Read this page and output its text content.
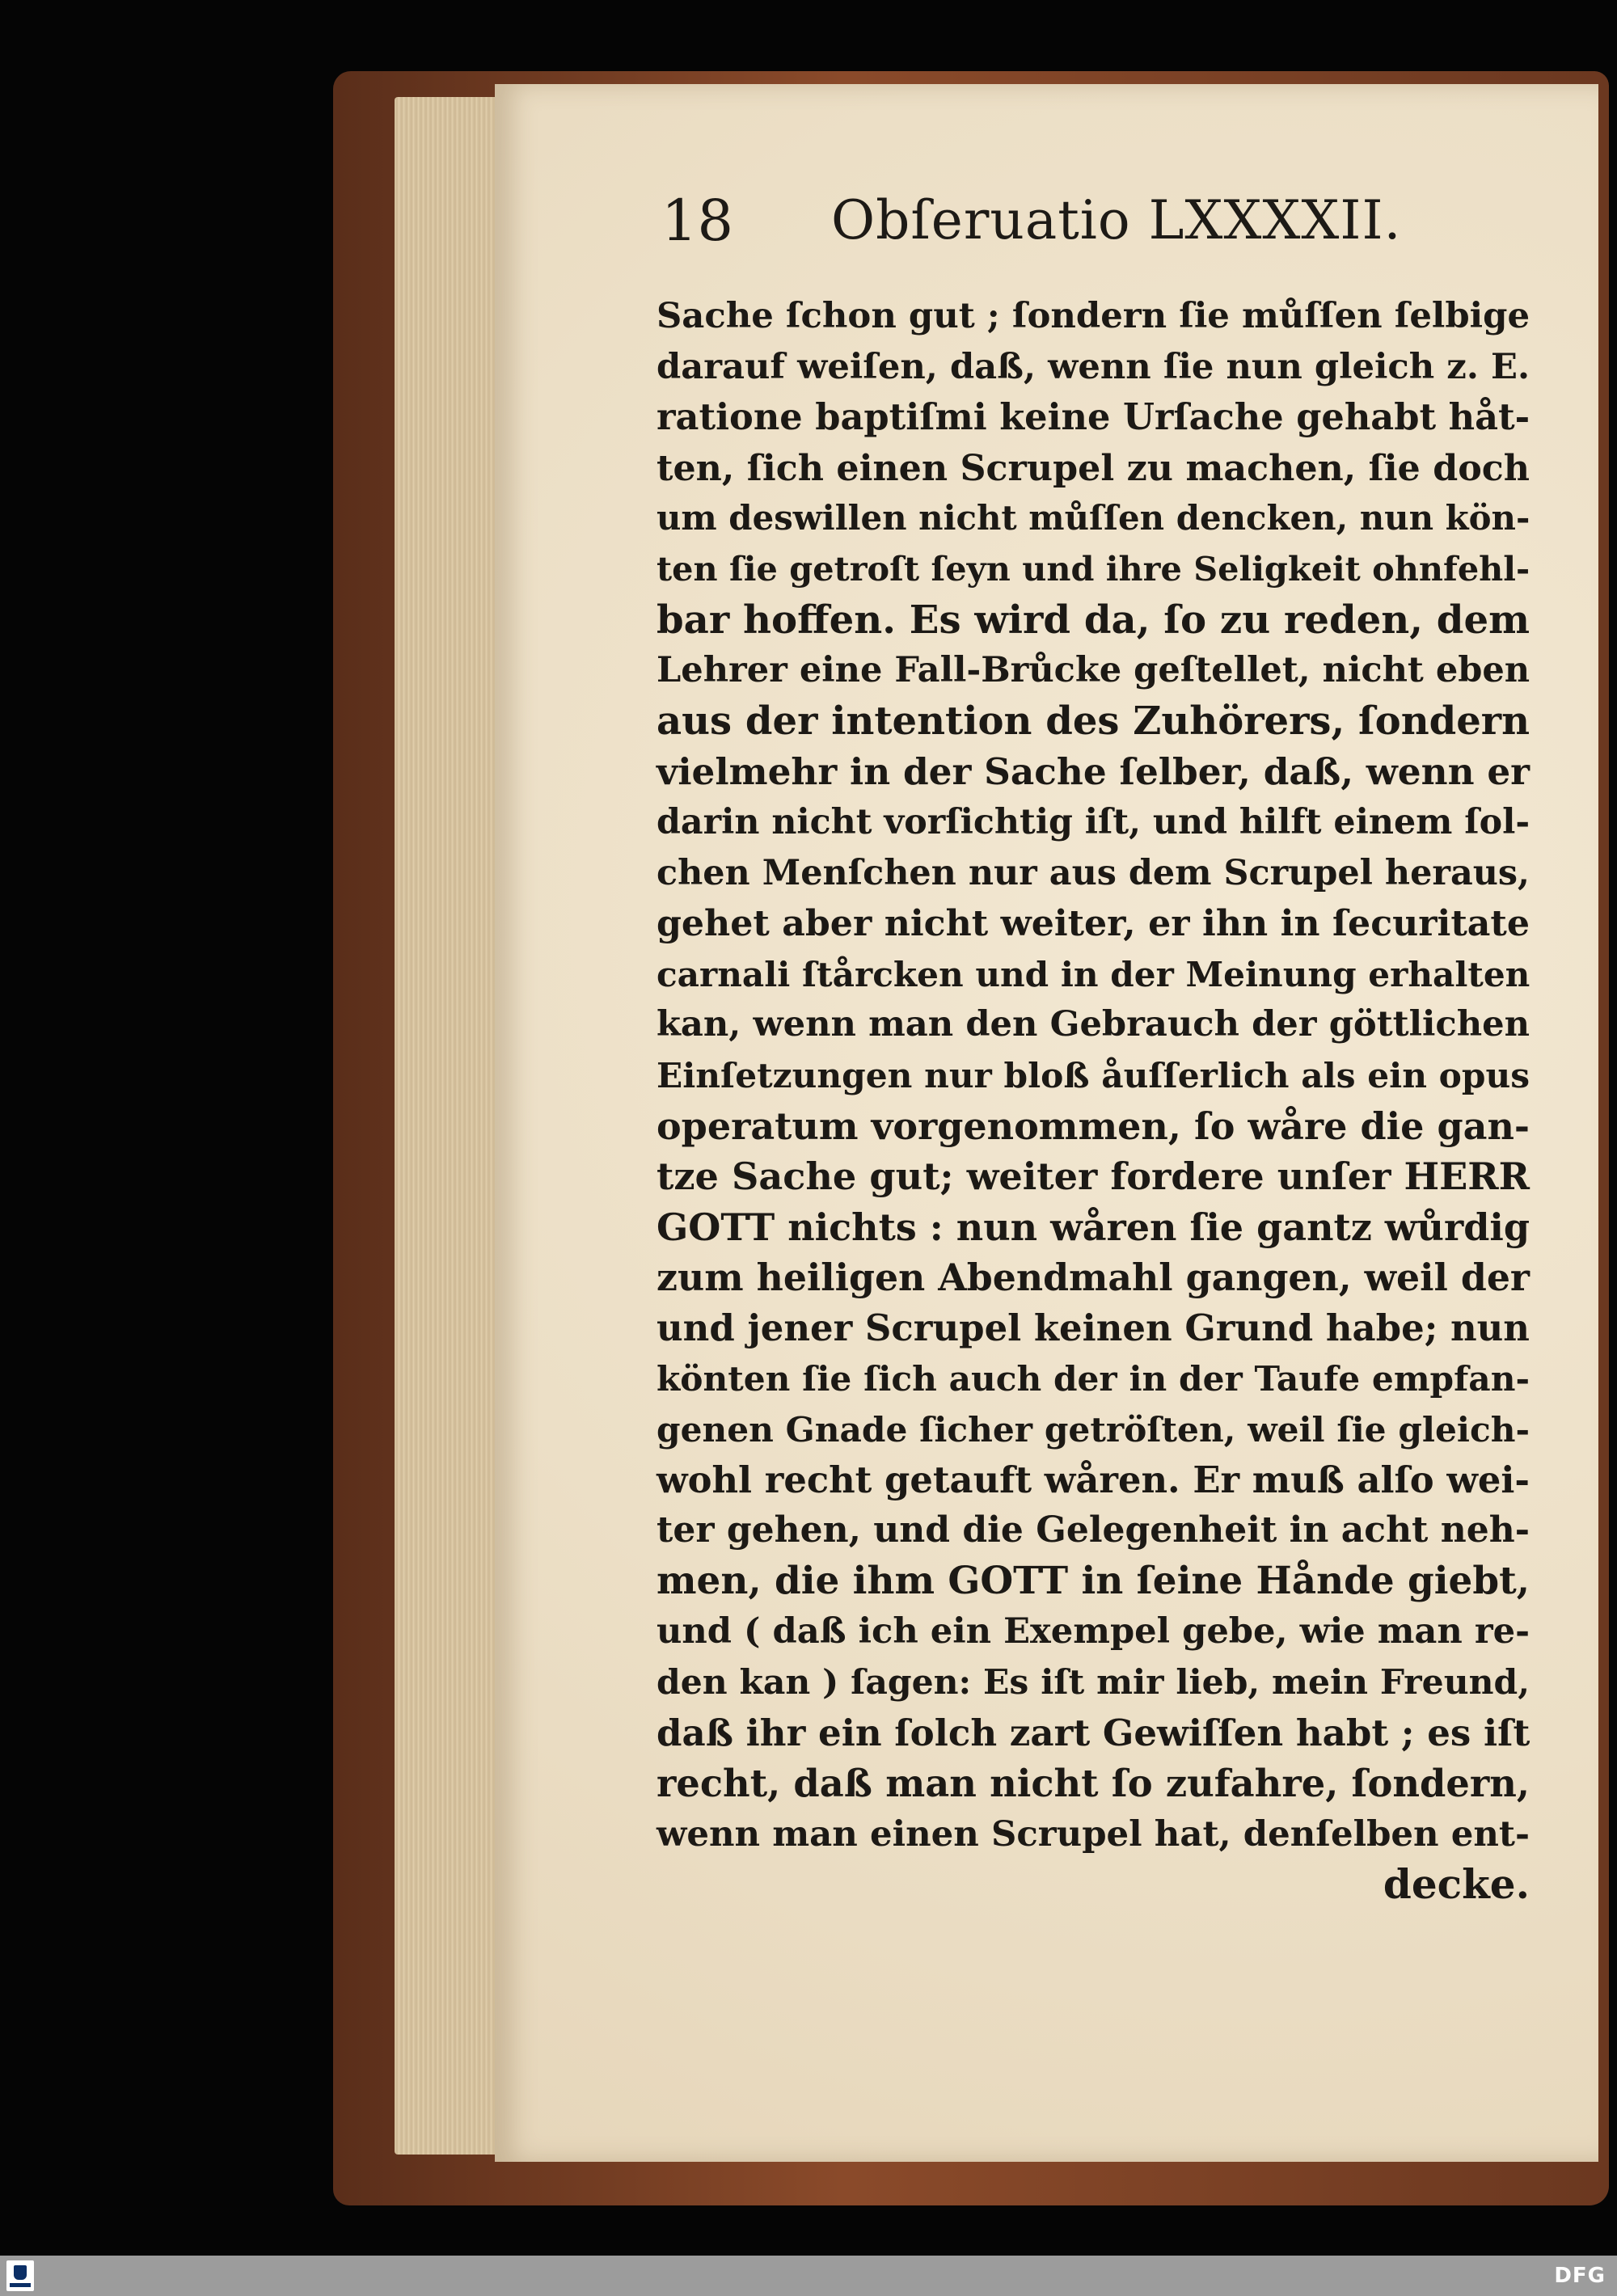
18 Obſeruatio LXXXXII.
Sache ſchon gut ; ſondern ſie můſſen ſelbige
darauf weiſen, daß, wenn ſie nun gleich z. E.
ratione baptiſmi keine Urſache gehabt håt-
ten, ſich einen Scrupel zu machen, ſie doch
um deswillen nicht můſſen dencken, nun kön-
ten ſie getroſt ſeyn und ihre Seligkeit ohnfehl-
bar hoffen. Es wird da, ſo zu reden, dem
Lehrer eine Fall-Brůcke geſtellet, nicht eben
aus der intention des Zuhörers, ſondern
vielmehr in der Sache ſelber, daß, wenn er
darin nicht vorſichtig iſt, und hilft einem ſol-
chen Menſchen nur aus dem Scrupel heraus,
gehet aber nicht weiter, er ihn in ſecuritate
carnali ſtårcken und in der Meinung erhalten
kan, wenn man den Gebrauch der göttlichen
Einſetzungen nur bloß åuſſerlich als ein opus
operatum vorgenommen, ſo wåre die gan-
tze Sache gut; weiter fordere unſer HERR
GOTT nichts : nun wåren ſie gantz wůrdig
zum heiligen Abendmahl gangen, weil der
und jener Scrupel keinen Grund habe; nun
könten ſie ſich auch der in der Taufe empfan-
genen Gnade ſicher getröſten, weil ſie gleich-
wohl recht getauft wåren. Er muß alſo wei-
ter gehen, und die Gelegenheit in acht neh-
men, die ihm GOTT in ſeine Hånde giebt,
und ( daß ich ein Exempel gebe, wie man re-
den kan ) ſagen: Es iſt mir lieb, mein Freund,
daß ihr ein ſolch zart Gewiſſen habt ; es iſt
recht, daß man nicht ſo zufahre, ſondern,
wenn man einen Scrupel hat, denſelben ent-
decke.
DFG
